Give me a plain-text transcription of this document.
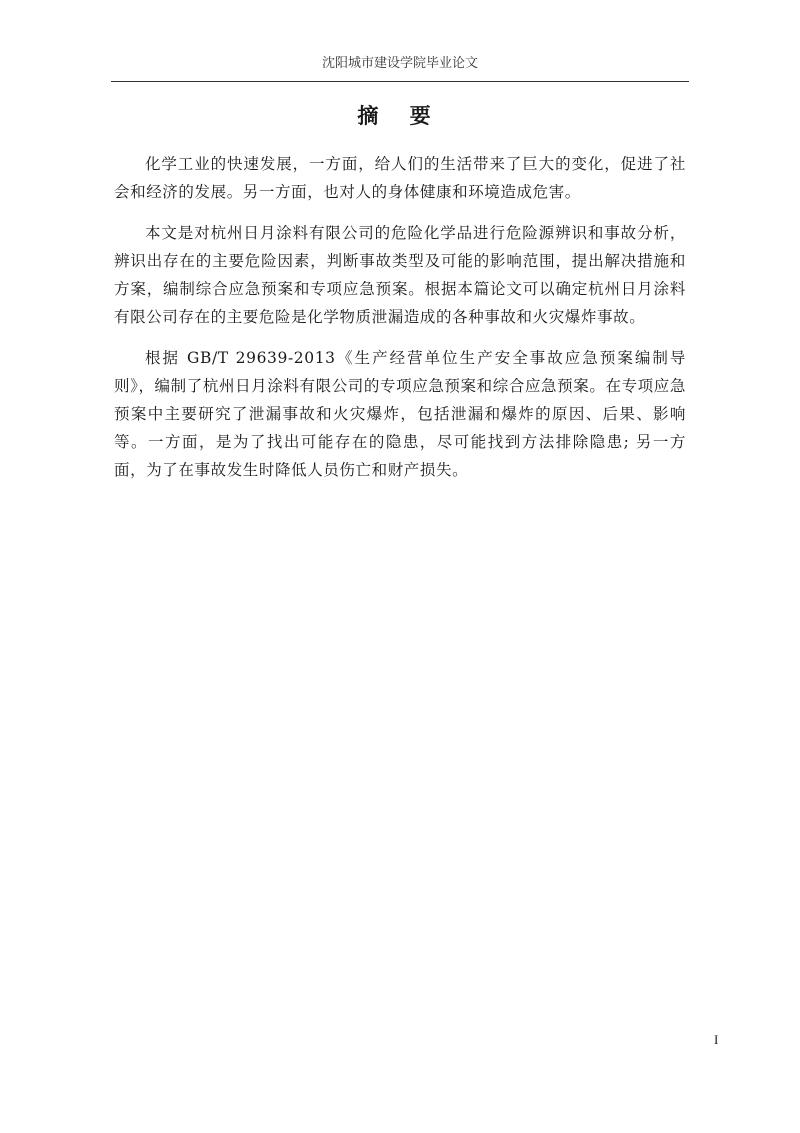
沈阳城市建设学院毕业论文
摘 要

化学工业的快速发展，一方面，给人们的生活带来了巨大的变化，促进了社会和经济的发展。另一方面，也对人的身体健康和环境造成危害。

本文是对杭州日月涂料有限公司的危险化学品进行危险源辨识和事故分析，辨识出存在的主要危险因素，判断事故类型及可能的影响范围，提出解决措施和方案，编制综合应急预案和专项应急预案。根据本篇论文可以确定杭州日月涂料有限公司存在的主要危险是化学物质泄漏造成的各种事故和火灾爆炸事故。

根据 GB/T 29639-2013《生产经营单位生产安全事故应急预案编制导则》，编制了杭州日月涂料有限公司的专项应急预案和综合应急预案。在专项应急预案中主要研究了泄漏事故和火灾爆炸，包括泄漏和爆炸的原因、后果、影响等。一方面，是为了找出可能存在的隐患，尽可能找到方法排除隐患; 另一方面，为了在事故发生时降低人员伤亡和财产损失。

I
